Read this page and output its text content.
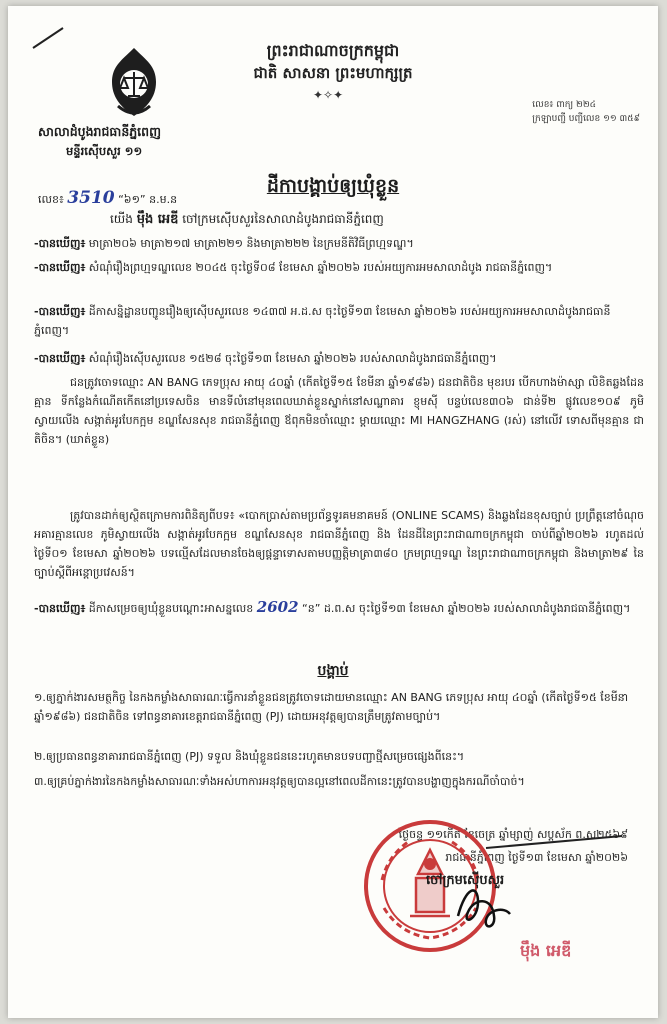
ព្រះរាជាណាចក្រកម្ពុជា
ជាតិ សាសនា ព្រះមហាក្សត្រ
✦✧✦
លេខ៖ ពាក្យ ២២៤
ក្រឡាបញ្ជី បញ្ជីលេខ ១១ ៣៥៩
សាលាដំបូងរាជធានីភ្នំពេញ
មន្ទីរស៊ើបសួរ ១១
ដីកាបង្គាប់ឲ្យឃុំខ្លួន
លេខ៖ 3510 “៦១” ន.ម.ន
យើង ម៉ឹង អេឌី ចៅក្រមស៊ើបសួរនៃសាលាដំបូងរាជធានីភ្នំពេញ
-បានឃើញ៖ មាត្រា២០៦ មាត្រា២១៧ មាត្រា២២១ និងមាត្រា២២២ នៃក្រមនីតិវិធីព្រហ្មទណ្ឌ។
-បានឃើញ៖ សំណុំរឿងព្រហ្មទណ្ឌលេខ ២០៤៥ ចុះថ្ងៃទី០៨ ខែមេសា ឆ្នាំ២០២៦ របស់អយ្យការអមសាលាដំបូង រាជធានីភ្នំពេញ។
-បានឃើញ៖ ដីកាសន្និដ្ឋានបញ្ជូនរឿងឲ្យស៊ើបសួរលេខ ១៤៣៧ អ.ដ.ស ចុះថ្ងៃទី១៣ ខែមេសា ឆ្នាំ២០២៦ របស់អយ្យការអមសាលាដំបូងរាជធានីភ្នំពេញ។
-បានឃើញ៖ សំណុំរឿងស៊ើបសួរលេខ ១៥២៨ ចុះថ្ងៃទី១៣ ខែមេសា ឆ្នាំ២០២៦ របស់សាលាដំបូងរាជធានីភ្នំពេញ។
ជនត្រូវចោទឈ្មោះ AN BANG ភេទប្រុស អាយុ ៤០ឆ្នាំ (កើតថ្ងៃទី១៥ ខែមីនា ឆ្នាំ១៩៨៦) ជនជាតិចិន មុខរបរ បើកហាងម៉ាស្សា លិខិតឆ្លងដែន គ្មាន ទីកន្លែងកំណើតកើតនៅប្រទេសចិន មានទីលំនៅមុនពេលឃាត់ខ្លួនស្នាក់នៅសណ្ឋាគារ ខ្ញុមស៊ី បន្ទប់លេខ៣០៦ ជាន់ទី២ ផ្លូវលេខ១០៩ ភូមិស្វាយលើង សង្កាត់អូរបែកក្អម ខណ្ឌសែនសុខ រាជធានីភ្នំពេញ ឪពុកមិនចាំឈ្មោះ ម្ដាយឈ្មោះ MI HANGZHANG (រស់) នៅលើវ ទោសពីមុនគ្មាន ជាតិចិន។ (ឃាត់ខ្លួន)
ត្រូវបានដាក់ឲ្យស្ថិតក្រោមការពិនិត្យពីបទ៖ «បោកប្រាស់តាមប្រព័ន្ធទូរគមនាគមន៍ (ONLINE SCAMS) និងឆ្លងដែនខុសច្បាប់ ប្រព្រឹត្តនៅចំណុចអគារគ្មានលេខ ភូមិស្វាយលើង សង្កាត់អូរបែកក្អម ខណ្ឌសែនសុខ រាជធានីភ្នំពេញ និង ដែនដីនៃព្រះរាជាណាចក្រកម្ពុជា ចាប់ពីឆ្នាំ២០២៦ រហូតដល់ថ្ងៃទី០១ ខែមេសា ឆ្នាំ២០២៦ បទល្មើសដែលមានចែងឲ្យផ្ដន្ទាទោសតាមបញ្ញត្តិមាត្រា៣៨០ ក្រមព្រហ្មទណ្ឌ នៃព្រះរាជាណាចក្រកម្ពុជា និងមាត្រា២៩ នៃច្បាប់ស្ដីពីអន្តោប្រវេសន៍។
-បានឃើញ៖ ដីកាសម្រេចឲ្យឃុំខ្លួនបណ្ដោះអាសន្នលេខ 2602 “ន” ដ.ព.ស ចុះថ្ងៃទី១៣ ខែមេសា ឆ្នាំ២០២៦ របស់សាលាដំបូងរាជធានីភ្នំពេញ។
បង្គាប់
១.ឲ្យភ្នាក់ងារសមត្ថកិច្ច នៃកងកម្លាំងសាធារណៈធ្វើការនាំខ្លួនជនត្រូវចោទដោយមានឈ្មោះ AN BANG ភេទប្រុស អាយុ ៤០ឆ្នាំ (កើតថ្ងៃទី១៥ ខែមីនា ឆ្នាំ១៩៨៦) ជនជាតិចិន ទៅពន្ធនាគារខេត្តរាជធានីភ្នំពេញ (PJ) ដោយអនុវត្តឲ្យបានត្រឹមត្រូវតាមច្បាប់។
២.ឲ្យប្រធានពន្ធនាគាររាជធានីភ្នំពេញ (PJ) ទទួល និងឃុំខ្លួនជននេះរហូតមានបទបញ្ជាថ្មីសម្រេចផ្សេងពីនេះ។
៣.ឲ្យគ្រប់ភ្នាក់ងារនៃកងកម្លាំងសាធារណៈទាំងអស់ហាការអនុវត្តឲ្យបានល្អនៅពេលដីកានេះត្រូវបានបង្ហាញក្នុងករណីចាំបាច់។
ថ្ងៃចន្ទ ១១កើត ខែចេត្រ ឆ្នាំម្សាញ់ សប្តស័ក ព.ស២៥៦៩
រាជធានីភ្នំពេញ ថ្ងៃទី១៣ ខែមេសា ឆ្នាំ២០២៦
ចៅក្រមស៊ើបសួរ
ម៉ឹង អេឌី
